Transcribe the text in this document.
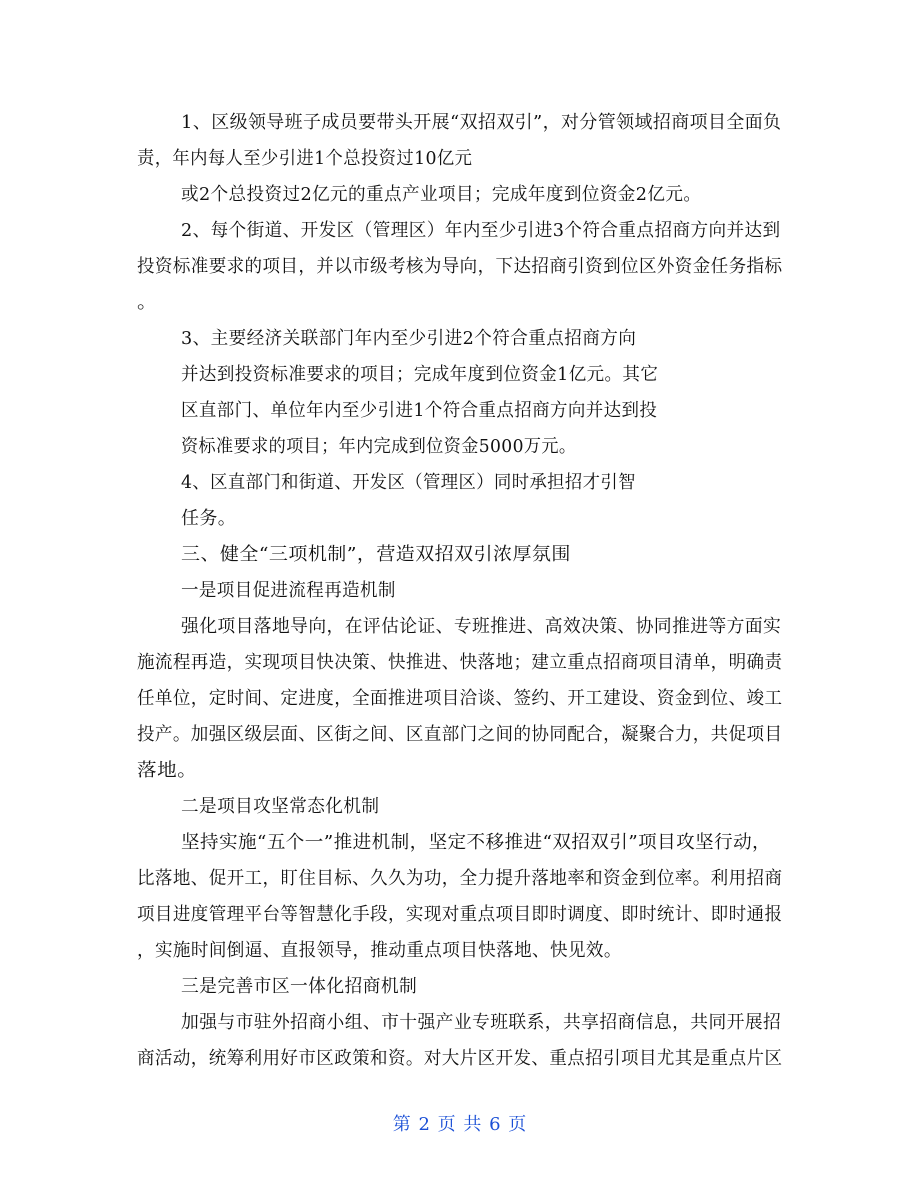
1、区级领导班子成员要带头开展“双招双引”，对分管领域招商项目全面负
责，年内每人至少引进1个总投资过10亿元
或2个总投资过2亿元的重点产业项目；完成年度到位资金2亿元。
2、每个街道、开发区（管理区）年内至少引进3个符合重点招商方向并达到
投资标准要求的项目，并以市级考核为导向，下达招商引资到位区外资金任务指标
。
3、主要经济关联部门年内至少引进2个符合重点招商方向
并达到投资标准要求的项目；完成年度到位资金1亿元。其它
区直部门、单位年内至少引进1个符合重点招商方向并达到投
资标准要求的项目；年内完成到位资金5000万元。
4、区直部门和街道、开发区（管理区）同时承担招才引智
任务。
三、健全“三项机制”，营造双招双引浓厚氛围
一是项目促进流程再造机制
强化项目落地导向，在评估论证、专班推进、高效决策、协同推进等方面实
施流程再造，实现项目快决策、快推进、快落地；建立重点招商项目清单，明确责
任单位，定时间、定进度，全面推进项目洽谈、签约、开工建设、资金到位、竣工
投产。加强区级层面、区街之间、区直部门之间的协同配合，凝聚合力，共促项目
落地。
二是项目攻坚常态化机制
坚持实施“五个一”推进机制，坚定不移推进“双招双引”项目攻坚行动，
比落地、促开工，盯住目标、久久为功，全力提升落地率和资金到位率。利用招商
项目进度管理平台等智慧化手段，实现对重点项目即时调度、即时统计、即时通报
，实施时间倒逼、直报领导，推动重点项目快落地、快见效。
三是完善市区一体化招商机制
加强与市驻外招商小组、市十强产业专班联系，共享招商信息，共同开展招
商活动，统筹利用好市区政策和资。对大片区开发、重点招引项目尤其是重点片区
第 2 页 共 6 页
